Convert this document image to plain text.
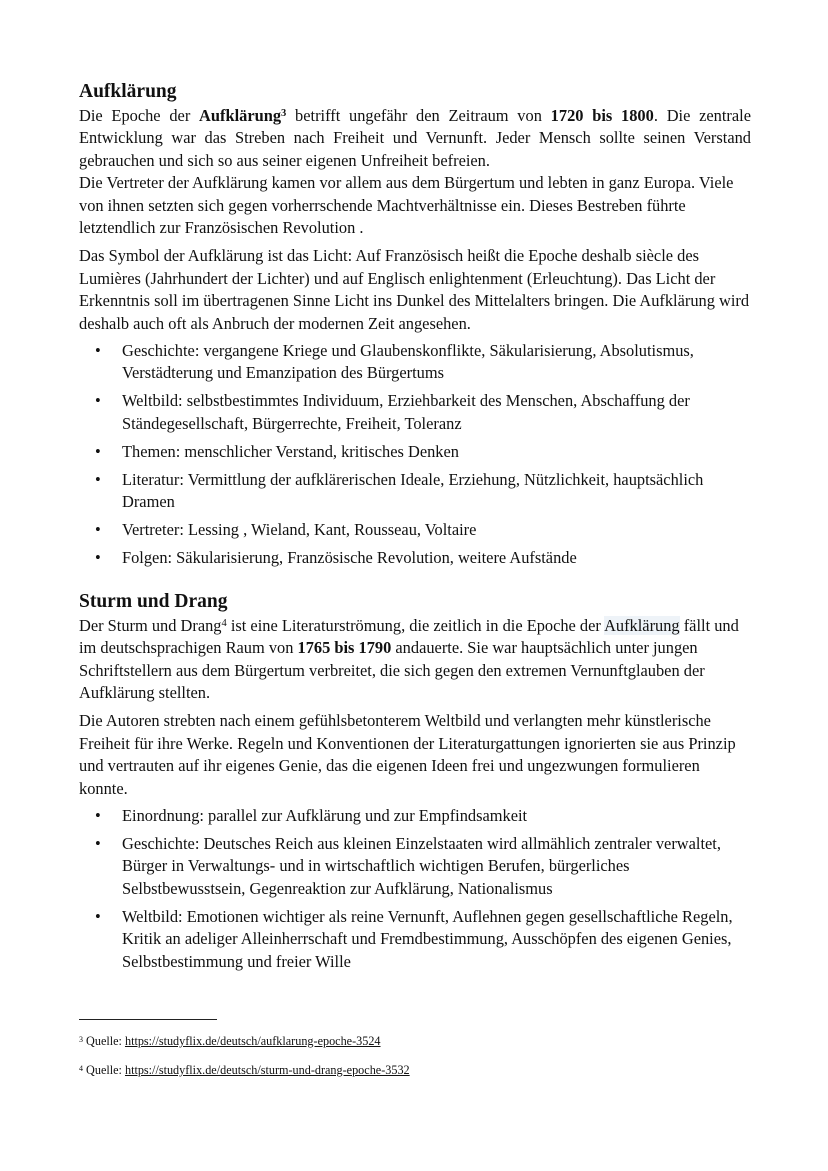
Aufklärung

Die Epoche der Aufklärung$^3$ betrifft ungefähr den Zeitraum von 1720 bis 1800. Die zentrale Entwicklung war das Streben nach Freiheit und Vernunft. Jeder Mensch sollte seinen Verstand gebrauchen und sich so aus seiner eigenen Unfreiheit befreien.

Die Vertreter der Aufklärung kamen vor allem aus dem Bürgertum und lebten in ganz Europa. Viele von ihnen setzten sich gegen vorherrschende Machtverhältnisse ein. Dieses Bestreben führte letztendlich zur Französischen Revolution .

Das Symbol der Aufklärung ist das Licht: Auf Französisch heißt die Epoche deshalb siècle des Lumières (Jahrhundert der Lichter) und auf Englisch enlightenment (Erleuchtung). Das Licht der Erkenntnis soll im übertragenen Sinne Licht ins Dunkel des Mittelalters bringen. Die Aufklärung wird deshalb auch oft als Anbruch der modernen Zeit angesehen.

• Geschichte: vergangene Kriege und Glaubenskonflikte, Säkularisierung, Absolutismus, Verstädterung und Emanzipation des Bürgertums
• Weltbild: selbstbestimmtes Individuum, Erziehbarkeit des Menschen, Abschaffung der Ständegesellschaft, Bürgerrechte, Freiheit, Toleranz
• Themen: menschlicher Verstand, kritisches Denken
• Literatur: Vermittlung der aufklärerischen Ideale, Erziehung, Nützlichkeit, hauptsächlich Dramen
• Vertreter: Lessing , Wieland, Kant, Rousseau, Voltaire
• Folgen: Säkularisierung, Französische Revolution, weitere Aufstände
Sturm und Drang

Der Sturm und Drang$^4$ ist eine Literaturströmung, die zeitlich in die Epoche der Aufklärung fällt und im deutschsprachigen Raum von 1765 bis 1790 andauerte. Sie war hauptsächlich unter jungen Schriftstellern aus dem Bürgertum verbreitet, die sich gegen den extremen Vernunftglauben der Aufklärung stellten.

Die Autoren strebten nach einem gefühlsbetonterem Weltbild und verlangten mehr künstlerische Freiheit für ihre Werke. Regeln und Konventionen der Literaturgattungen ignorierten sie aus Prinzip und vertrauten auf ihr eigenes Genie, das die eigenen Ideen frei und ungezwungen formulieren konnte.

• Einordnung: parallel zur Aufklärung und zur Empfindsamkeit
• Geschichte: Deutsches Reich aus kleinen Einzelstaaten wird allmählich zentraler verwaltet, Bürger in Verwaltungs- und in wirtschaftlich wichtigen Berufen, bürgerliches Selbstbewusstsein, Gegenreaktion zur Aufklärung, Nationalismus
• Weltbild: Emotionen wichtiger als reine Vernunft, Auflehnen gegen gesellschaftliche Regeln, Kritik an adeliger Alleinherrschaft und Fremdbestimmung, Ausschöpfen des eigenen Genies, Selbstbestimmung und freier Wille

$^3$ Quelle: https://studyflix.de/deutsch/aufklarung-epoche-3524

$^4$ Quelle: https://studyflix.de/deutsch/sturm-und-drang-epoche-3532
